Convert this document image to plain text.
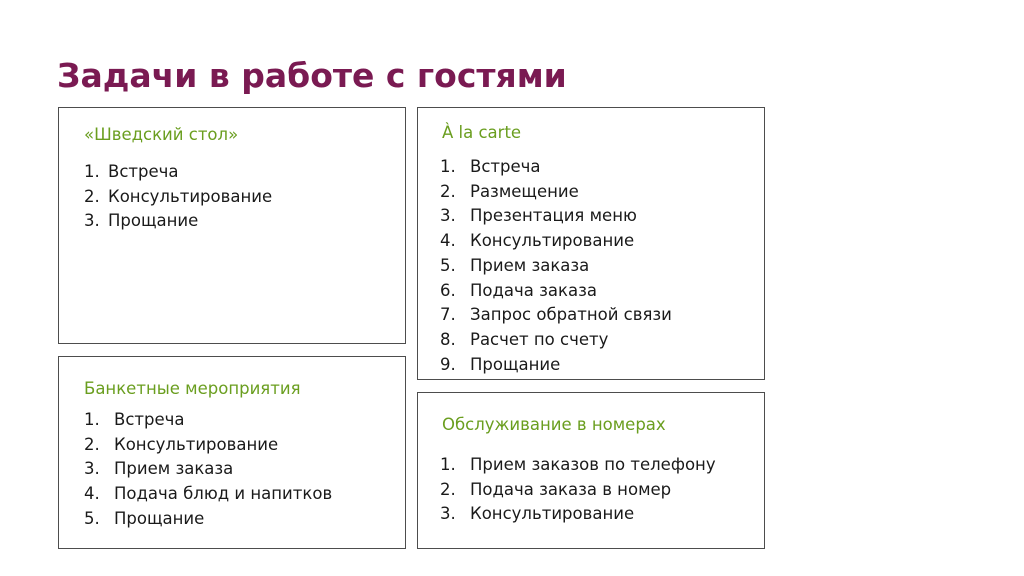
Задачи в работе с гостями
«Шведский стол»
1. Встреча
2. Консультирование
3. Прощание
À la carte
1. Встреча
2. Размещение
3. Презентация меню
4. Консультирование
5. Прием заказа
6. Подача заказа
7. Запрос обратной связи
8. Расчет по счету
9. Прощание
Банкетные мероприятия
1. Встреча
2. Консультирование
3. Прием заказа
4. Подача блюд и напитков
5. Прощание
Обслуживание в номерах
1. Прием заказов по телефону
2. Подача заказа в номер
3. Консультирование
